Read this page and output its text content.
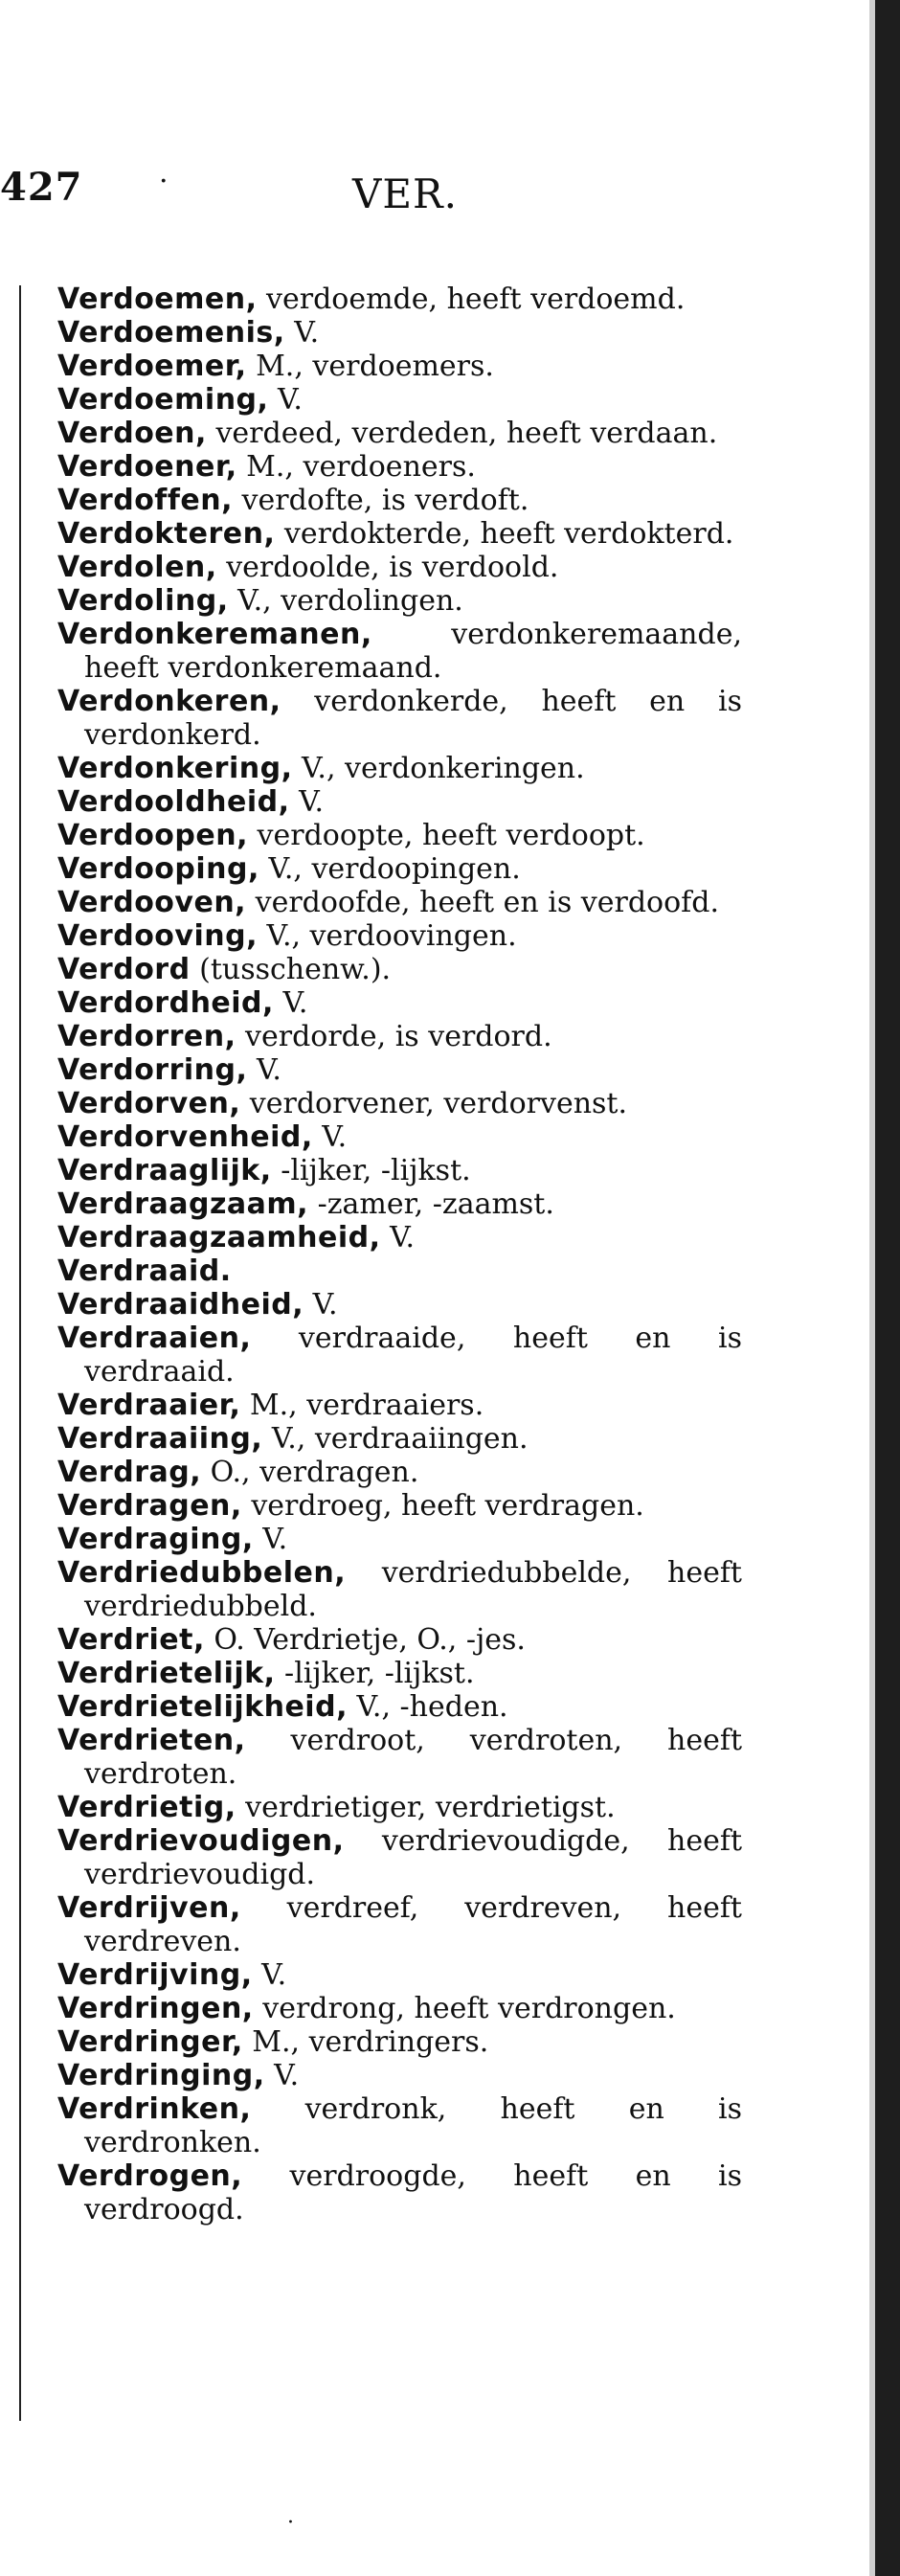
427	·	VER.
Verdoemen, verdoemde, heeft verdoemd.
Verdoemenis, V.
Verdoemer, M., verdoemers.
Verdoeming, V.
Verdoen, verdeed, verdeden, heeft verdaan.
Verdoener, M., verdoeners.
Verdoffen, verdofte, is verdoft.
Verdokteren, verdokterde, heeft verdokterd.
Verdolen, verdoolde, is verdoold.
Verdoling, V., verdolingen.
Verdonkeremanen, verdonkeremaande, heeft verdonkeremaand.
Verdonkeren, verdonkerde, heeft en is verdonkerd.
Verdonkering, V., verdonkeringen.
Verdooldheid, V.
Verdoopen, verdoopte, heeft verdoopt.
Verdooping, V., verdoopingen.
Verdooven, verdoofde, heeft en is verdoofd.
Verdooving, V., verdoovingen.
Verdord (tusschenw.).
Verdordheid, V.
Verdorren, verdorde, is verdord.
Verdorring, V.
Verdorven, verdorvener, verdorvenst.
Verdorvenheid, V.
Verdraaglijk, -lijker, -lijkst.
Verdraagzaam, -zamer, -zaamst.
Verdraagzaamheid, V.
Verdraaid.
Verdraaidheid, V.
Verdraaien, verdraaide, heeft en is verdraaid.
Verdraaier, M., verdraaiers.
Verdraaiing, V., verdraaiingen.
Verdrag, O., verdragen.
Verdragen, verdroeg, heeft verdragen.
Verdraging, V.
Verdriedubbelen, verdriedubbelde, heeft verdriedubbeld.
Verdriet, O. Verdrietje, O., -jes.
Verdrietelijk, -lijker, -lijkst.
Verdrietelijkheid, V., -heden.
Verdrieten, verdroot, verdroten, heeft verdroten.
Verdrietig, verdrietiger, verdrietigst.
Verdrievoudigen, verdrievoudigde, heeft verdrievoudigd.
Verdrijven, verdreef, verdreven, heeft verdreven.
Verdrijving, V.
Verdringen, verdrong, heeft verdrongen.
Verdringer, M., verdringers.
Verdringing, V.
Verdrinken, verdronk, heeft en is verdronken.
Verdrogen, verdroogde, heeft en is verdroogd.
·
